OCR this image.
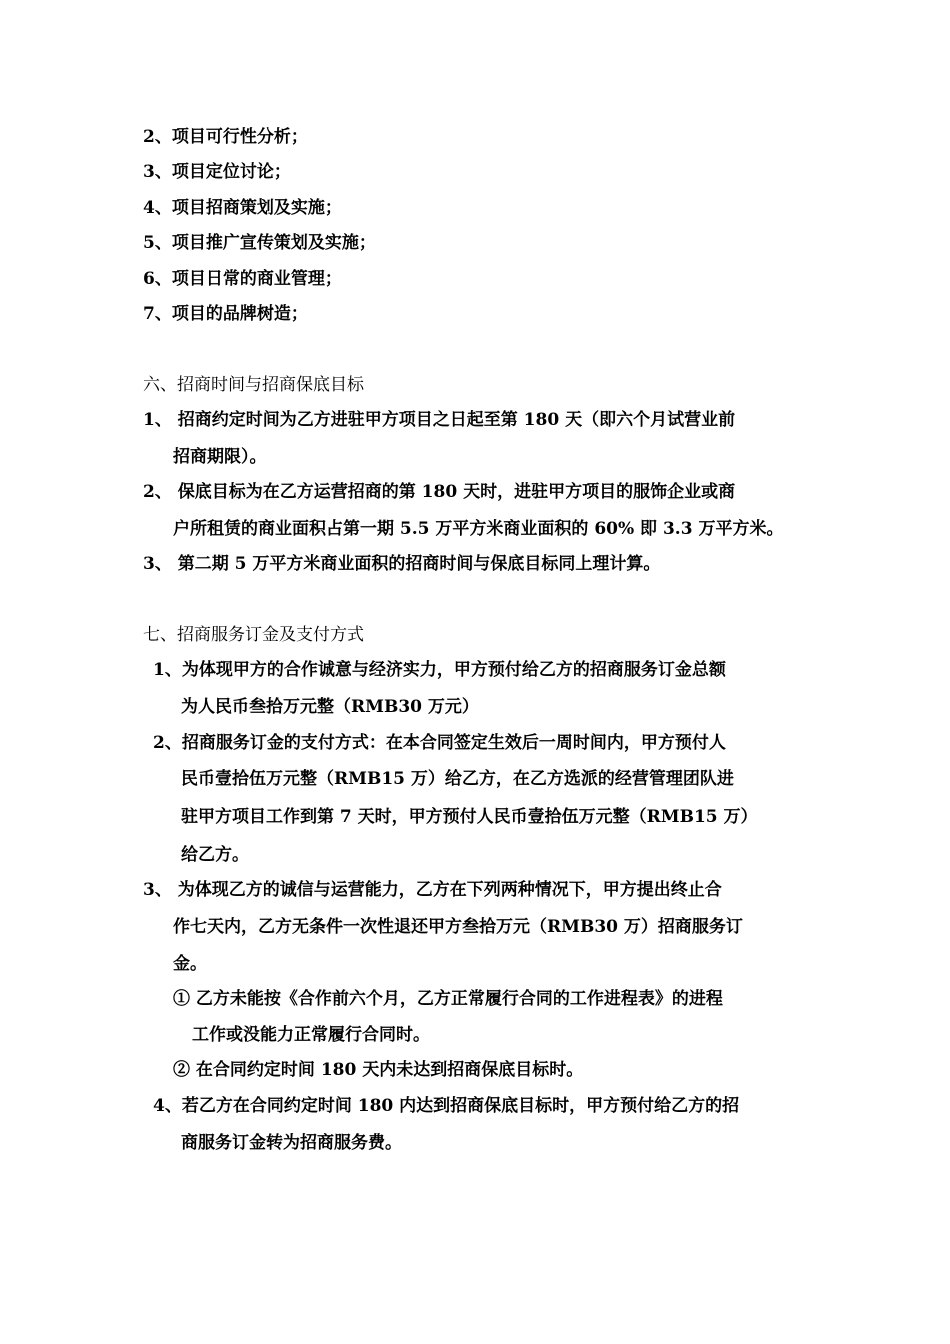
2、项目可行性分析；
3、项目定位讨论；
4、项目招商策划及实施；
5、项目推广宣传策划及实施；
6、项目日常的商业管理；
7、项目的品牌树造；
六、招商时间与招商保底目标
1、 招商约定时间为乙方进驻甲方项目之日起至第 180 天（即六个月试营业前
招商期限）。
2、 保底目标为在乙方运营招商的第 180 天时，进驻甲方项目的服饰企业或商
户所租赁的商业面积占第一期 5.5 万平方米商业面积的 60% 即 3.3 万平方米。
3、 第二期 5 万平方米商业面积的招商时间与保底目标同上理计算。
七、招商服务订金及支付方式
1、为体现甲方的合作诚意与经济实力，甲方预付给乙方的招商服务订金总额
为人民币叁拾万元整（RMB30 万元）
2、招商服务订金的支付方式：在本合同签定生效后一周时间内，甲方预付人
民币壹拾伍万元整（RMB15 万）给乙方，在乙方选派的经营管理团队进
驻甲方项目工作到第 7 天时，甲方预付人民币壹拾伍万元整（RMB15 万）
给乙方。
3、 为体现乙方的诚信与运营能力，乙方在下列两种情况下，甲方提出终止合
作七天内，乙方无条件一次性退还甲方叁拾万元（RMB30 万）招商服务订
金。
① 乙方未能按《合作前六个月，乙方正常履行合同的工作进程表》的进程
工作或没能力正常履行合同时。
② 在合同约定时间 180 天内未达到招商保底目标时。
4、若乙方在合同约定时间 180 内达到招商保底目标时，甲方预付给乙方的招
商服务订金转为招商服务费。
